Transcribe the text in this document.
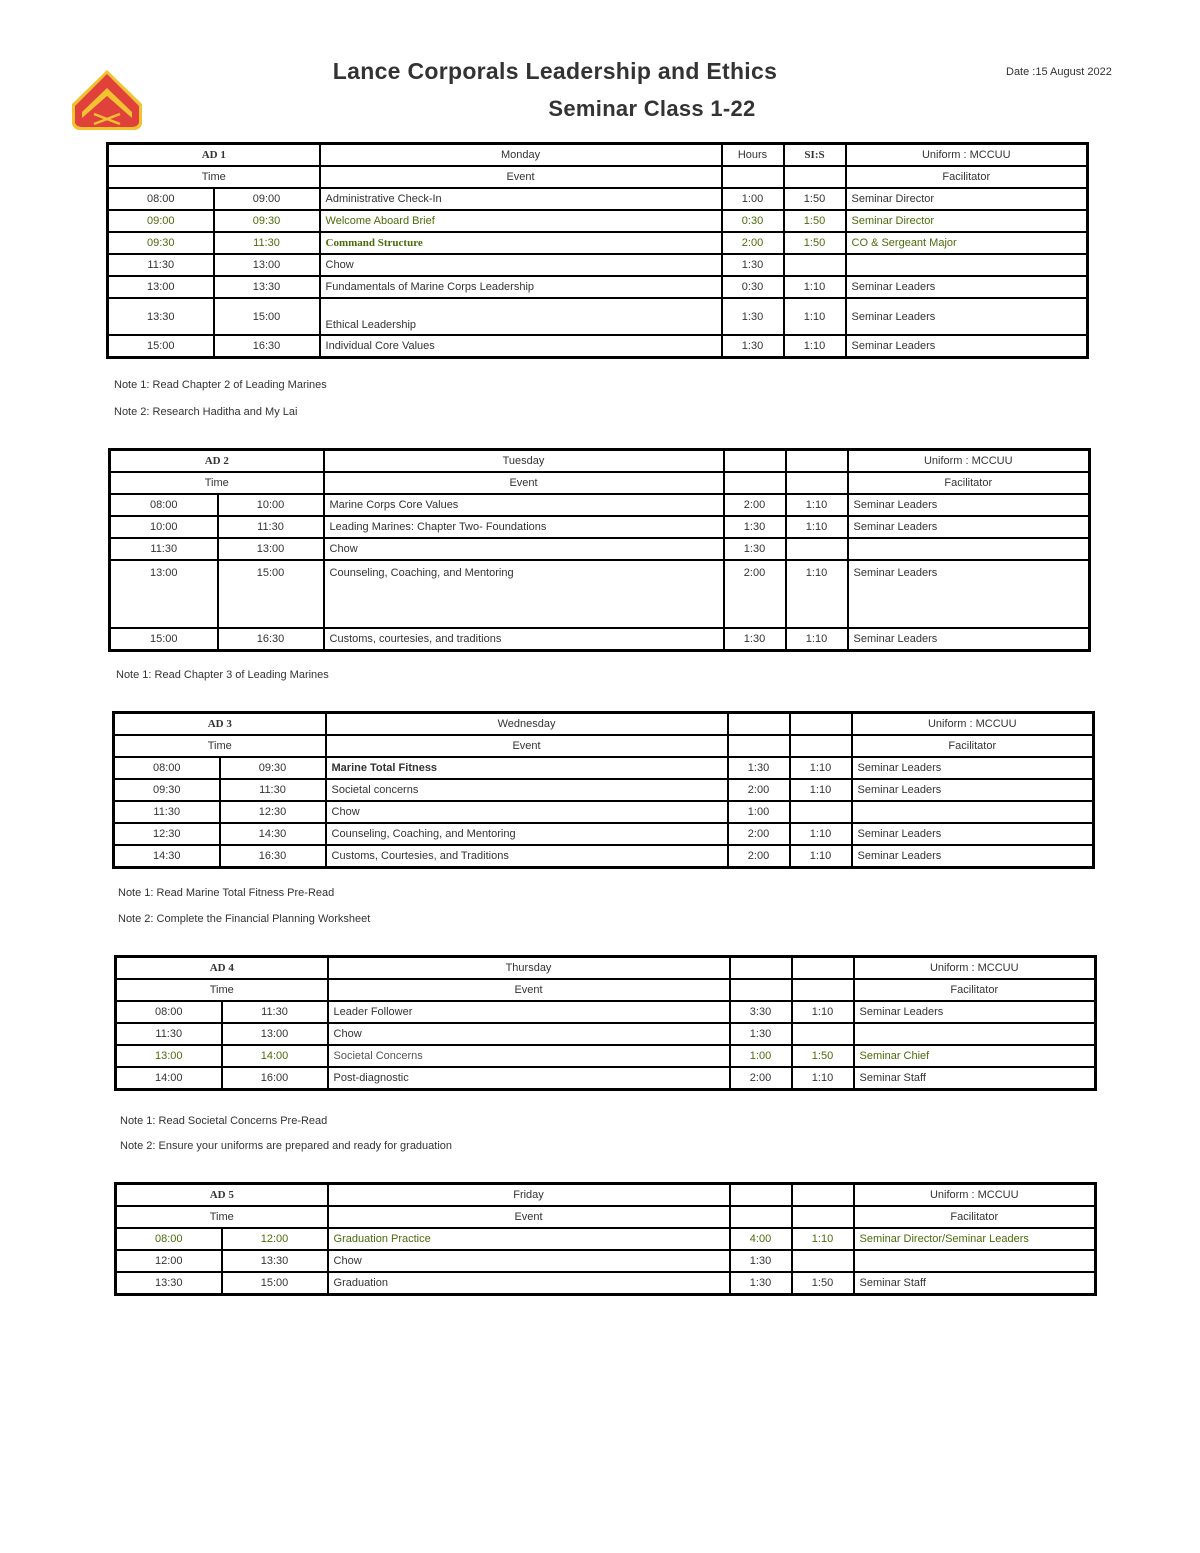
Lance Corporals Leadership and Ethics
Seminar Class 1-22
Date :15 August 2022
AD 1		Monday	Hours	SI:S	Uniform : MCCUU
Time		Event			Facilitator
08:00	09:00	Administrative Check-In	1:00	1:50	Seminar Director
09:00	09:30	Welcome Aboard Brief	0:30	1:50	Seminar Director
09:30	11:30	Command Structure	2:00	1:50	CO & Sergeant Major
11:30	13:00	Chow	1:30		
13:00	13:30	Fundamentals of Marine Corps Leadership	0:30	1:10	Seminar Leaders
13:30	15:00	Ethical Leadership	1:30	1:10	Seminar Leaders
15:00	16:30	Individual Core Values	1:30	1:10	Seminar Leaders
Note 1: Read Chapter 2 of Leading Marines
Note 2: Research Haditha and My Lai
AD 2		Tuesday			Uniform : MCCUU
Time		Event			Facilitator
08:00	10:00	Marine Corps Core Values	2:00	1:10	Seminar Leaders
10:00	11:30	Leading Marines: Chapter Two- Foundations	1:30	1:10	Seminar Leaders
11:30	13:00	Chow	1:30		
13:00	15:00	Counseling, Coaching, and Mentoring	2:00	1:10	Seminar Leaders
15:00	16:30	Customs, courtesies, and traditions	1:30	1:10	Seminar Leaders
Note 1: Read Chapter 3 of Leading Marines
AD 3		Wednesday			Uniform : MCCUU
Time		Event			Facilitator
08:00	09:30	Marine Total Fitness	1:30	1:10	Seminar Leaders
09:30	11:30	Societal concerns	2:00	1:10	Seminar Leaders
11:30	12:30	Chow	1:00		
12:30	14:30	Counseling, Coaching, and Mentoring	2:00	1:10	Seminar Leaders
14:30	16:30	Customs, Courtesies, and Traditions	2:00	1:10	Seminar Leaders
Note 1: Read Marine Total Fitness Pre-Read
Note 2: Complete the Financial Planning Worksheet
AD 4		Thursday			Uniform : MCCUU
Time		Event			Facilitator
08:00	11:30	Leader Follower	3:30	1:10	Seminar Leaders
11:30	13:00	Chow	1:30		
13:00	14:00	Societal Concerns	1:00	1:50	Seminar Chief
14:00	16:00	Post-diagnostic	2:00	1:10	Seminar Staff
Note 1: Read Societal Concerns Pre-Read
Note 2: Ensure your uniforms are prepared and ready for graduation
AD 5		Friday			Uniform : MCCUU
Time		Event			Facilitator
08:00	12:00	Graduation Practice	4:00	1:10	Seminar Director/Seminar Leaders
12:00	13:30	Chow	1:30		
13:30	15:00	Graduation	1:30	1:50	Seminar Staff
